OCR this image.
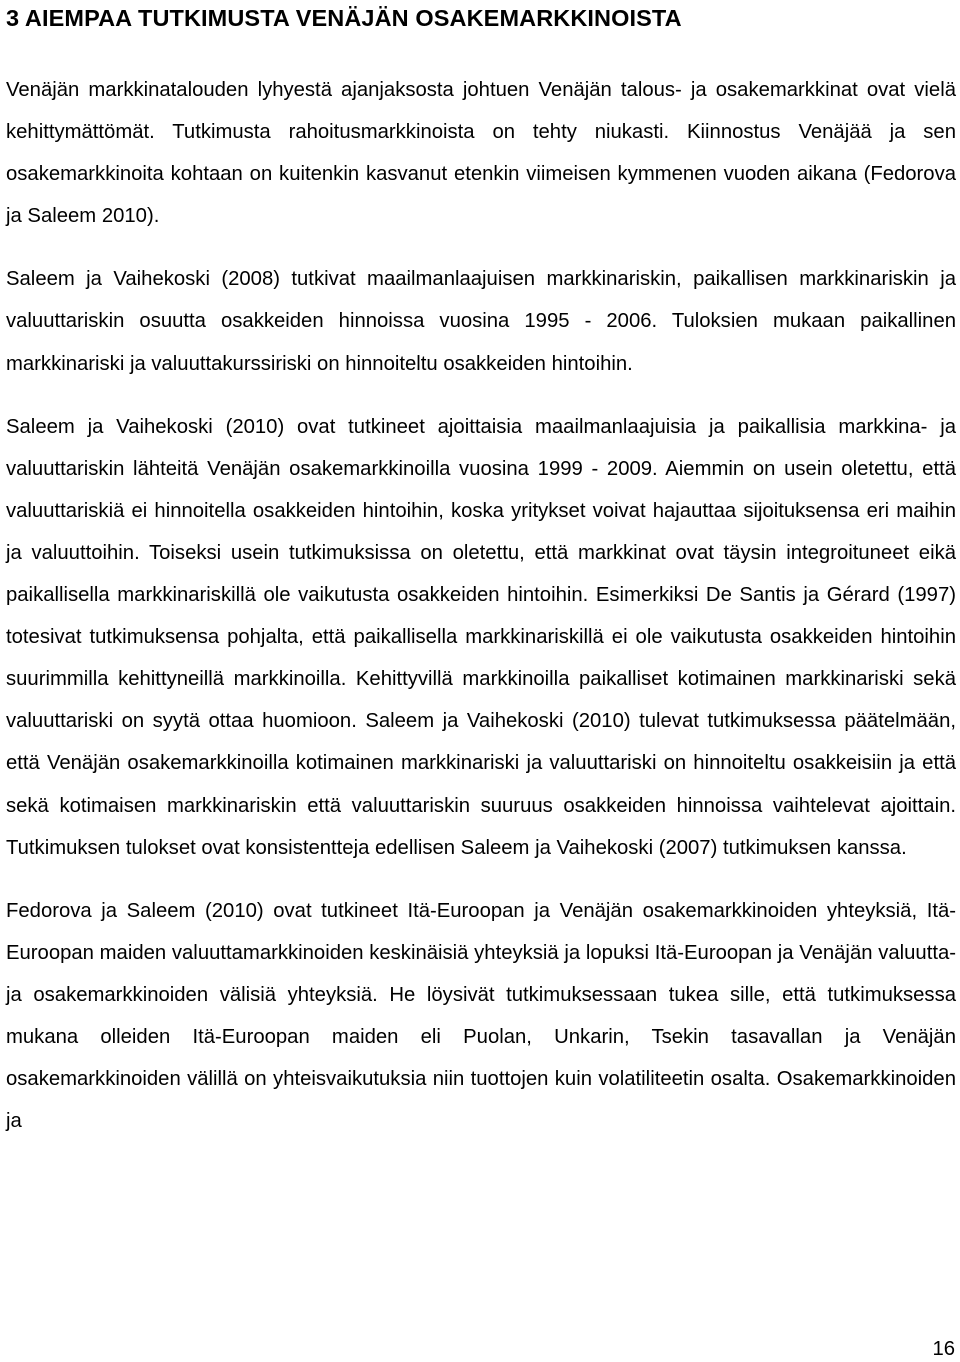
3 AIEMPAA TUTKIMUSTA VENÄJÄN OSAKEMARKKINOISTA

Venäjän markkinatalouden lyhyestä ajanjaksosta johtuen Venäjän talous- ja osakemarkkinat ovat vielä kehittymättömät. Tutkimusta rahoitusmarkkinoista on tehty niukasti. Kiinnostus Venäjää ja sen osakemarkkinoita kohtaan on kuitenkin kasvanut etenkin viimeisen kymmenen vuoden aikana (Fedorova ja Saleem 2010).

Saleem ja Vaihekoski (2008) tutkivat maailmanlaajuisen markkinariskin, paikallisen markkinariskin ja valuuttariskin osuutta osakkeiden hinnoissa vuosina 1995 - 2006. Tuloksien mukaan paikallinen markkinariski ja valuuttakurssiriski on hinnoiteltu osakkeiden hintoihin.

Saleem ja Vaihekoski (2010) ovat tutkineet ajoittaisia maailmanlaajuisia ja paikallisia markkina- ja valuuttariskin lähteitä Venäjän osakemarkkinoilla vuosina 1999 - 2009. Aiemmin on usein oletettu, että valuuttariskiä ei hinnoitella osakkeiden hintoihin, koska yritykset voivat hajauttaa sijoituksensa eri maihin ja valuuttoihin. Toiseksi usein tutkimuksissa on oletettu, että markkinat ovat täysin integroituneet eikä paikallisella markkinariskillä ole vaikutusta osakkeiden hintoihin. Esimerkiksi De Santis ja Gérard (1997) totesivat tutkimuksensa pohjalta, että paikallisella markkinariskillä ei ole vaikutusta osakkeiden hintoihin suurimmilla kehittyneillä markkinoilla. Kehittyvillä markkinoilla paikalliset kotimainen markkinariski sekä valuuttariski on syytä ottaa huomioon. Saleem ja Vaihekoski (2010) tulevat tutkimuksessa päätelmään, että Venäjän osakemarkkinoilla kotimainen markkinariski ja valuuttariski on hinnoiteltu osakkeisiin ja että sekä kotimaisen markkinariskin että valuuttariskin suuruus osakkeiden hinnoissa vaihtelevat ajoittain. Tutkimuksen tulokset ovat konsistentteja edellisen Saleem ja Vaihekoski (2007) tutkimuksen kanssa.

Fedorova ja Saleem (2010) ovat tutkineet Itä-Euroopan ja Venäjän osakemarkkinoiden yhteyksiä, Itä-Euroopan maiden valuuttamarkkinoiden keskinäisiä yhteyksiä ja lopuksi Itä-Euroopan ja Venäjän valuutta- ja osakemarkkinoiden välisiä yhteyksiä. He löysivät tutkimuksessaan tukea sille, että tutkimuksessa mukana olleiden Itä-Euroopan maiden eli Puolan, Unkarin, Tsekin tasavallan ja Venäjän osakemarkkinoiden välillä on yhteisvaikutuksia niin tuottojen kuin volatiliteetin osalta. Osakemarkkinoiden ja

16
